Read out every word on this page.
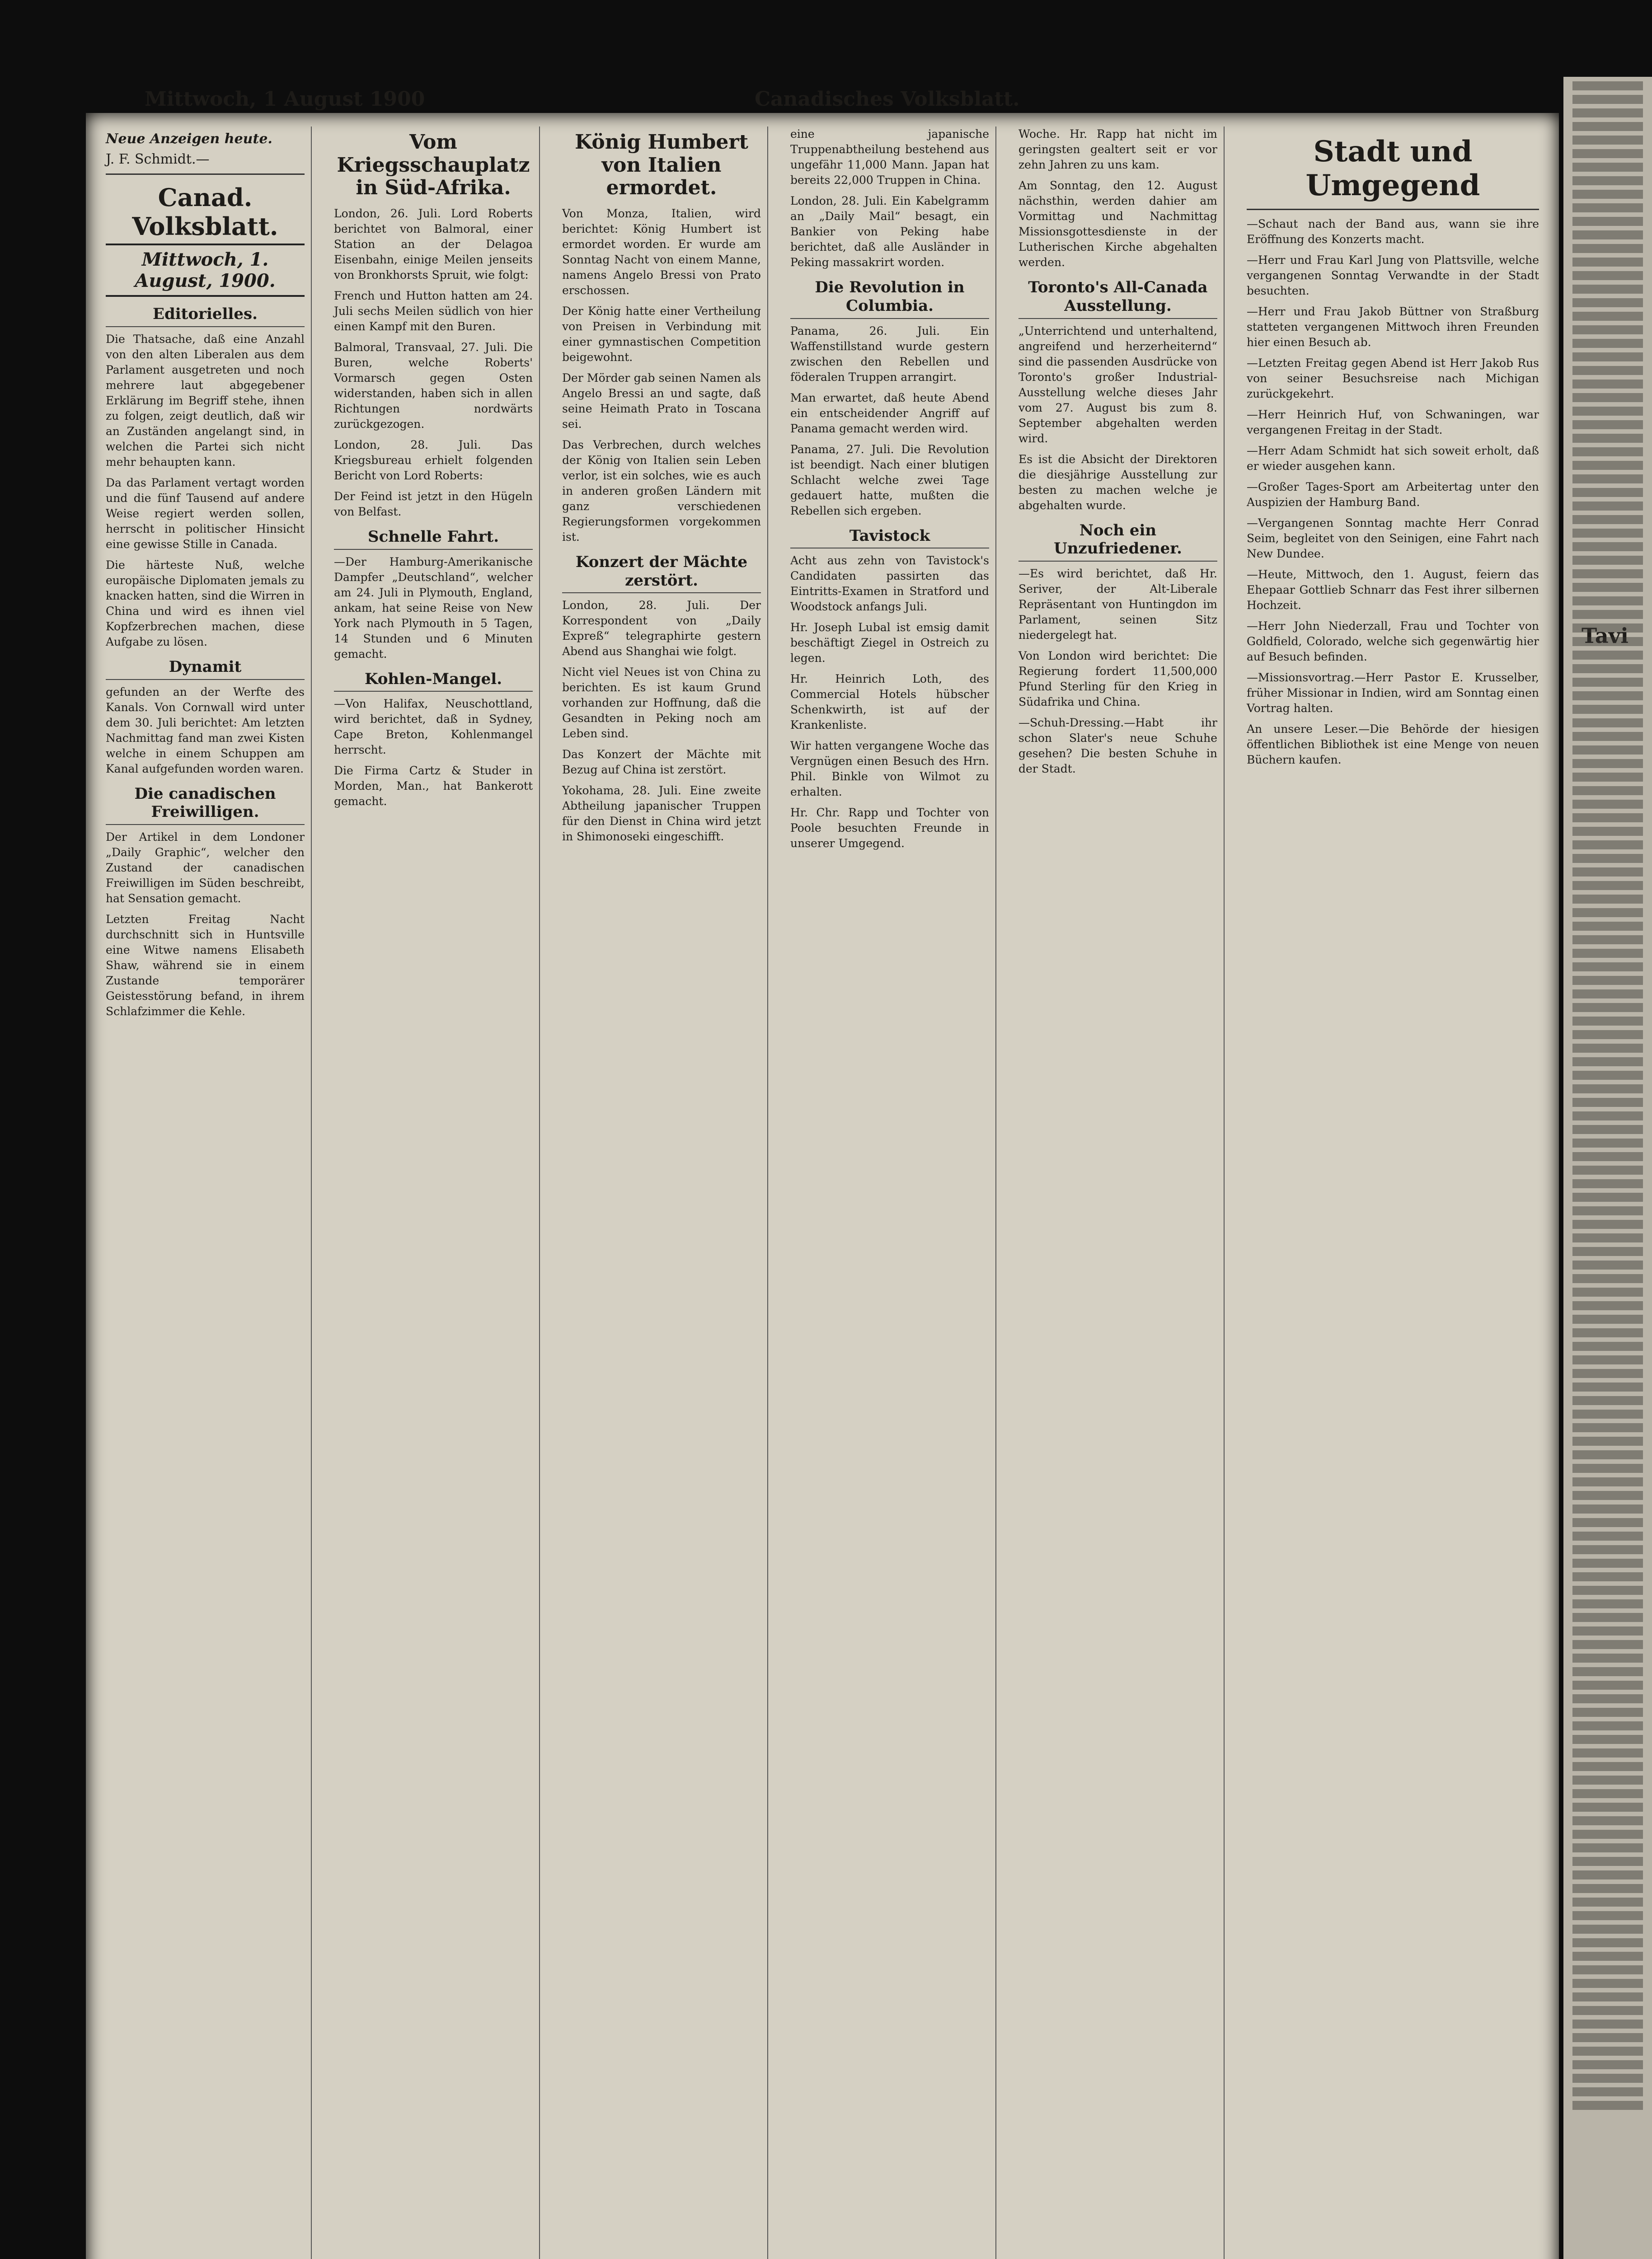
Mittwoch, 1 August 1900	Canadisches Volksblatt.
Neue Anzeigen heute.
J. F. Schmidt.—
Canad. Volksblatt.
Mittwoch, 1. August, 1900.
Editorielles.

Die Thatsache, daß eine Anzahl von den alten Liberalen aus dem Parlament ausgetreten und noch mehrere laut abgegebener Erklärung im Begriff stehe, ihnen zu folgen, zeigt deutlich, daß wir an Zuständen angelangt sind, in welchen die Partei sich nicht mehr behaupten kann.

Da das Parlament vertagt worden und die fünf Tausend auf andere Weise regiert werden sollen, herrscht in politischer Hinsicht eine gewisse Stille in Canada.

Die härteste Nuß, welche europäische Diplomaten jemals zu knacken hatten, sind die Wirren in China und wird es ihnen viel Kopfzerbrechen machen, diese Aufgabe zu lösen.

Dynamit

gefunden an der Werfte des Kanals. Von Cornwall wird unter dem 30. Juli berichtet: Am letzten Nachmittag fand man zwei Kisten welche in einem Schuppen am Kanal aufgefunden worden waren.

Die canadischen Freiwilligen.

Der Artikel in dem Londoner „Daily Graphic“, welcher den Zustand der canadischen Freiwilligen im Süden beschreibt, hat Sensation gemacht.

Letzten Freitag Nacht durchschnitt sich in Huntsville eine Witwe namens Elisabeth Shaw, während sie in einem Zustande temporärer Geistesstörung befand, in ihrem Schlafzimmer die Kehle.

Vom Kriegsschauplatz in Süd-Afrika.

London, 26. Juli. Lord Roberts berichtet von Balmoral, einer Station an der Delagoa Eisenbahn, einige Meilen jenseits von Bronkhorsts Spruit, wie folgt:

French und Hutton hatten am 24. Juli sechs Meilen südlich von hier einen Kampf mit den Buren.

Balmoral, Transvaal, 27. Juli. Die Buren, welche Roberts' Vormarsch gegen Osten widerstanden, haben sich in allen Richtungen nordwärts zurückgezogen.

London, 28. Juli. Das Kriegsbureau erhielt folgenden Bericht von Lord Roberts:

Der Feind ist jetzt in den Hügeln von Belfast.

Schnelle Fahrt.

—Der Hamburg-Amerikanische Dampfer „Deutschland“, welcher am 24. Juli in Plymouth, England, ankam, hat seine Reise von New York nach Plymouth in 5 Tagen, 14 Stunden und 6 Minuten gemacht.

Kohlen-Mangel.

—Von Halifax, Neuschottland, wird berichtet, daß in Sydney, Cape Breton, Kohlenmangel herrscht.

Die Firma Cartz & Studer in Morden, Man., hat Bankerott gemacht.

König Humbert von Italien ermordet.

Von Monza, Italien, wird berichtet: König Humbert ist ermordet worden. Er wurde am Sonntag Nacht von einem Manne, namens Angelo Bressi von Prato erschossen.

Der König hatte einer Vertheilung von Preisen in Verbindung mit einer gymnastischen Competition beigewohnt.

Der Mörder gab seinen Namen als Angelo Bressi an und sagte, daß seine Heimath Prato in Toscana sei.

Das Verbrechen, durch welches der König von Italien sein Leben verlor, ist ein solches, wie es auch in anderen großen Ländern mit ganz verschiedenen Regierungsformen vorgekommen ist.

Konzert der Mächte zerstört.

London, 28. Juli. Der Korrespondent von „Daily Expreß“ telegraphirte gestern Abend aus Shanghai wie folgt.

Nicht viel Neues ist von China zu berichten. Es ist kaum Grund vorhanden zur Hoffnung, daß die Gesandten in Peking noch am Leben sind.

Das Konzert der Mächte mit Bezug auf China ist zerstört.

Yokohama, 28. Juli. Eine zweite Abtheilung japanischer Truppen für den Dienst in China wird jetzt in Shimonoseki eingeschifft.

eine japanische Truppenabtheilung bestehend aus ungefähr 11,000 Mann. Japan hat bereits 22,000 Truppen in China.

London, 28. Juli. Ein Kabelgramm an „Daily Mail“ besagt, ein Bankier von Peking habe berichtet, daß alle Ausländer in Peking massakrirt worden.

Die Revolution in Columbia.

Panama, 26. Juli. Ein Waffenstillstand wurde gestern zwischen den Rebellen und föderalen Truppen arrangirt.

Man erwartet, daß heute Abend ein entscheidender Angriff auf Panama gemacht werden wird.

Panama, 27. Juli. Die Revolution ist beendigt. Nach einer blutigen Schlacht welche zwei Tage gedauert hatte, mußten die Rebellen sich ergeben.

Tavistock

Acht aus zehn von Tavistock's Candidaten passirten das Eintritts-Examen in Stratford und Woodstock anfangs Juli.

Hr. Joseph Lubal ist emsig damit beschäftigt Ziegel in Ostreich zu legen.

Hr. Heinrich Loth, des Commercial Hotels hübscher Schenkwirth, ist auf der Krankenliste.

Wir hatten vergangene Woche das Vergnügen einen Besuch des Hrn. Phil. Binkle von Wilmot zu erhalten.

Hr. Chr. Rapp und Tochter von Poole besuchten Freunde in unserer Umgegend.

Woche. Hr. Rapp hat nicht im geringsten gealtert seit er vor zehn Jahren zu uns kam.

Am Sonntag, den 12. August nächsthin, werden dahier am Vormittag und Nachmittag Missionsgottesdienste in der Lutherischen Kirche abgehalten werden.

Toronto's All-Canada Ausstellung.

„Unterrichtend und unterhaltend, angreifend und herzerheiternd“ sind die passenden Ausdrücke von Toronto's großer Industrial-Ausstellung welche dieses Jahr vom 27. August bis zum 8. September abgehalten werden wird.

Es ist die Absicht der Direktoren die diesjährige Ausstellung zur besten zu machen welche je abgehalten wurde.

Noch ein Unzufriedener.

—Es wird berichtet, daß Hr. Seriver, der Alt-Liberale Repräsentant von Huntingdon im Parlament, seinen Sitz niedergelegt hat.

Von London wird berichtet: Die Regierung fordert 11,500,000 Pfund Sterling für den Krieg in Südafrika und China.

—Schuh-Dressing.—Habt ihr schon Slater's neue Schuhe gesehen? Die besten Schuhe in der Stadt.

Stadt und Umgegend

—Schaut nach der Band aus, wann sie ihre Eröffnung des Konzerts macht.

—Herr und Frau Karl Jung von Plattsville, welche vergangenen Sonntag Verwandte in der Stadt besuchten.

—Herr und Frau Jakob Büttner von Straßburg statteten vergangenen Mittwoch ihren Freunden hier einen Besuch ab.

—Letzten Freitag gegen Abend ist Herr Jakob Rus von seiner Besuchsreise nach Michigan zurückgekehrt.

—Herr Heinrich Huf, von Schwaningen, war vergangenen Freitag in der Stadt.

—Herr Adam Schmidt hat sich soweit erholt, daß er wieder ausgehen kann.

—Großer Tages-Sport am Arbeitertag unter den Auspizien der Hamburg Band.

—Vergangenen Sonntag machte Herr Conrad Seim, begleitet von den Seinigen, eine Fahrt nach New Dundee.

—Heute, Mittwoch, den 1. August, feiern das Ehepaar Gottlieb Schnarr das Fest ihrer silbernen Hochzeit.

—Herr John Niederzall, Frau und Tochter von Goldfield, Colorado, welche sich gegenwärtig hier auf Besuch befinden.

—Missionsvortrag.—Herr Pastor E. Krusselber, früher Missionar in Indien, wird am Sonntag einen Vortrag halten.

An unsere Leser.—Die Behörde der hiesigen öffentlichen Bibliothek ist eine Menge von neuen Büchern kaufen.

Tavi
